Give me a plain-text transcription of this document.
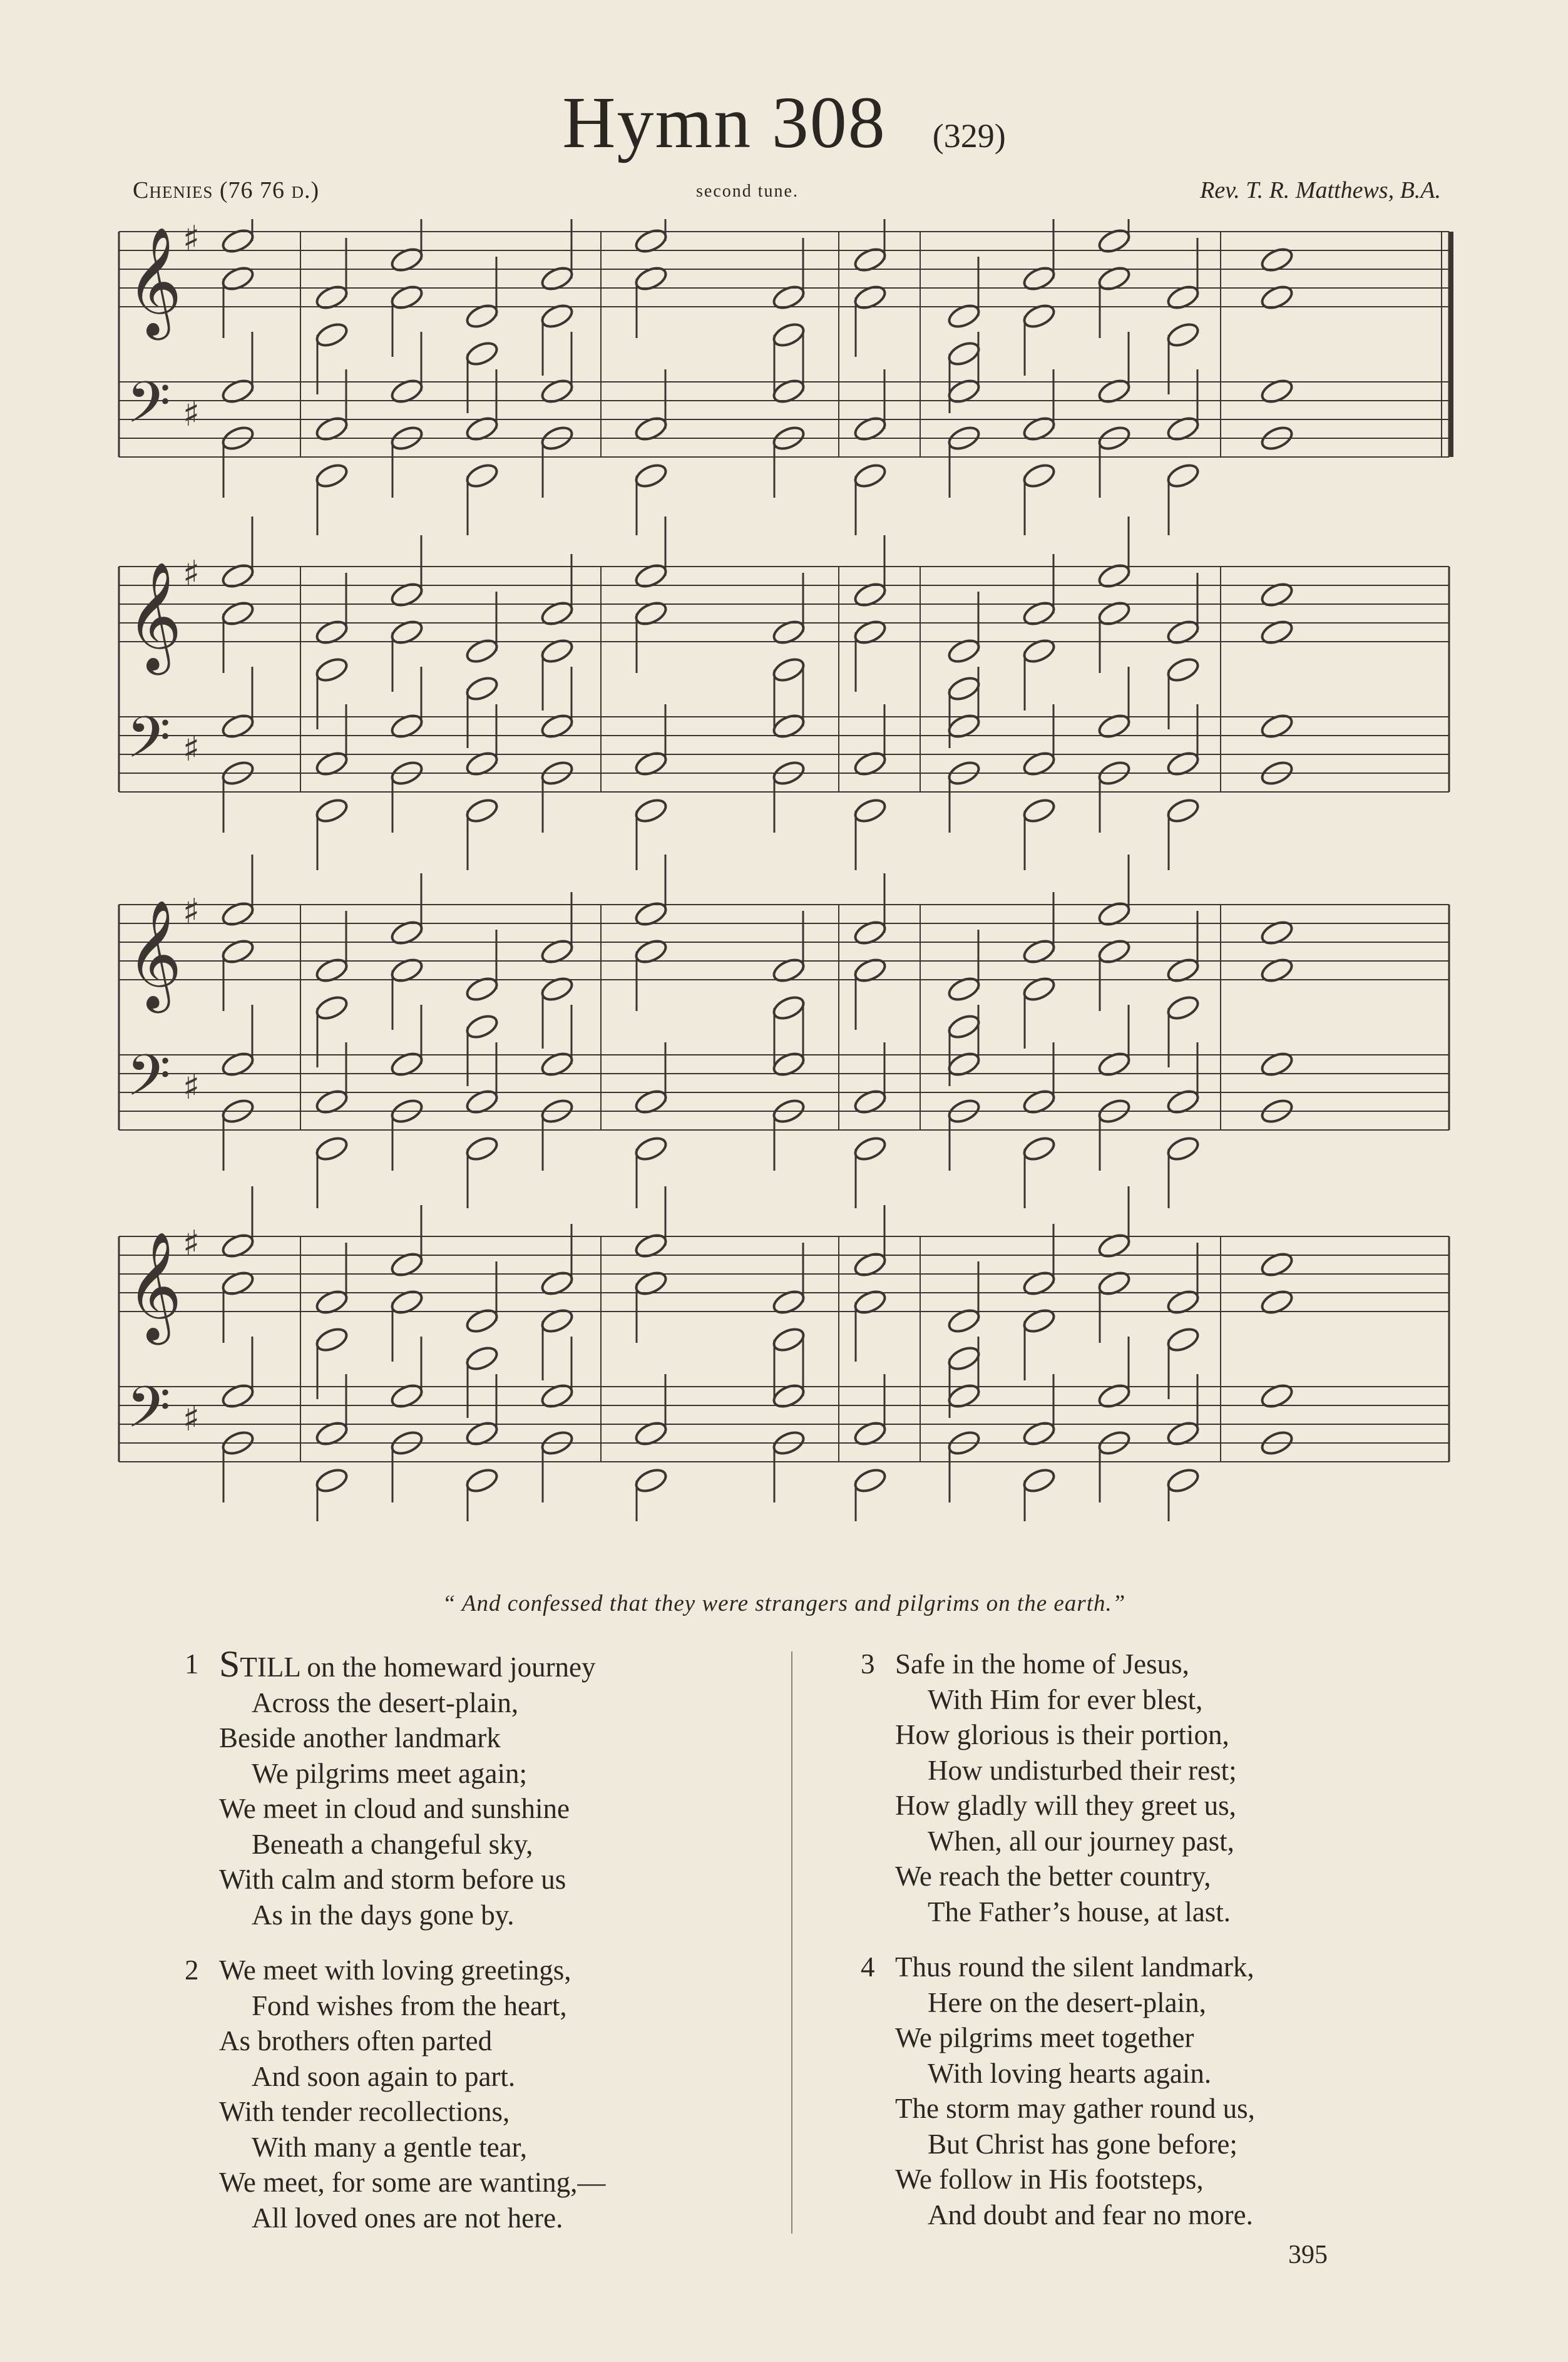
Hymn 308 (329)
Chenies (76 76 d.)	second tune.	Rev. T. R. Matthews, B.A.
𝄞
𝄢
♯
♯
𝄞
𝄢
♯
♯
𝄞
𝄢
♯
♯
𝄞
𝄢
♯
♯
“ And confessed that they were strangers and pilgrims on the earth.”
1 STILL on the homeward journey
Across the desert-plain,
Beside another landmark
We pilgrims meet again;
We meet in cloud and sunshine
Beneath a changeful sky,
With calm and storm before us
As in the days gone by.
2 We meet with loving greetings,
Fond wishes from the heart,
As brothers often parted
And soon again to part.
With tender recollections,
With many a gentle tear,
We meet, for some are wanting,—
All loved ones are not here.
3 Safe in the home of Jesus,
With Him for ever blest,
How glorious is their portion,
How undisturbed their rest;
How gladly will they greet us,
When, all our journey past,
We reach the better country,
The Father’s house, at last.
4 Thus round the silent landmark,
Here on the desert-plain,
We pilgrims meet together
With loving hearts again.
The storm may gather round us,
But Christ has gone before;
We follow in His footsteps,
And doubt and fear no more.
395
